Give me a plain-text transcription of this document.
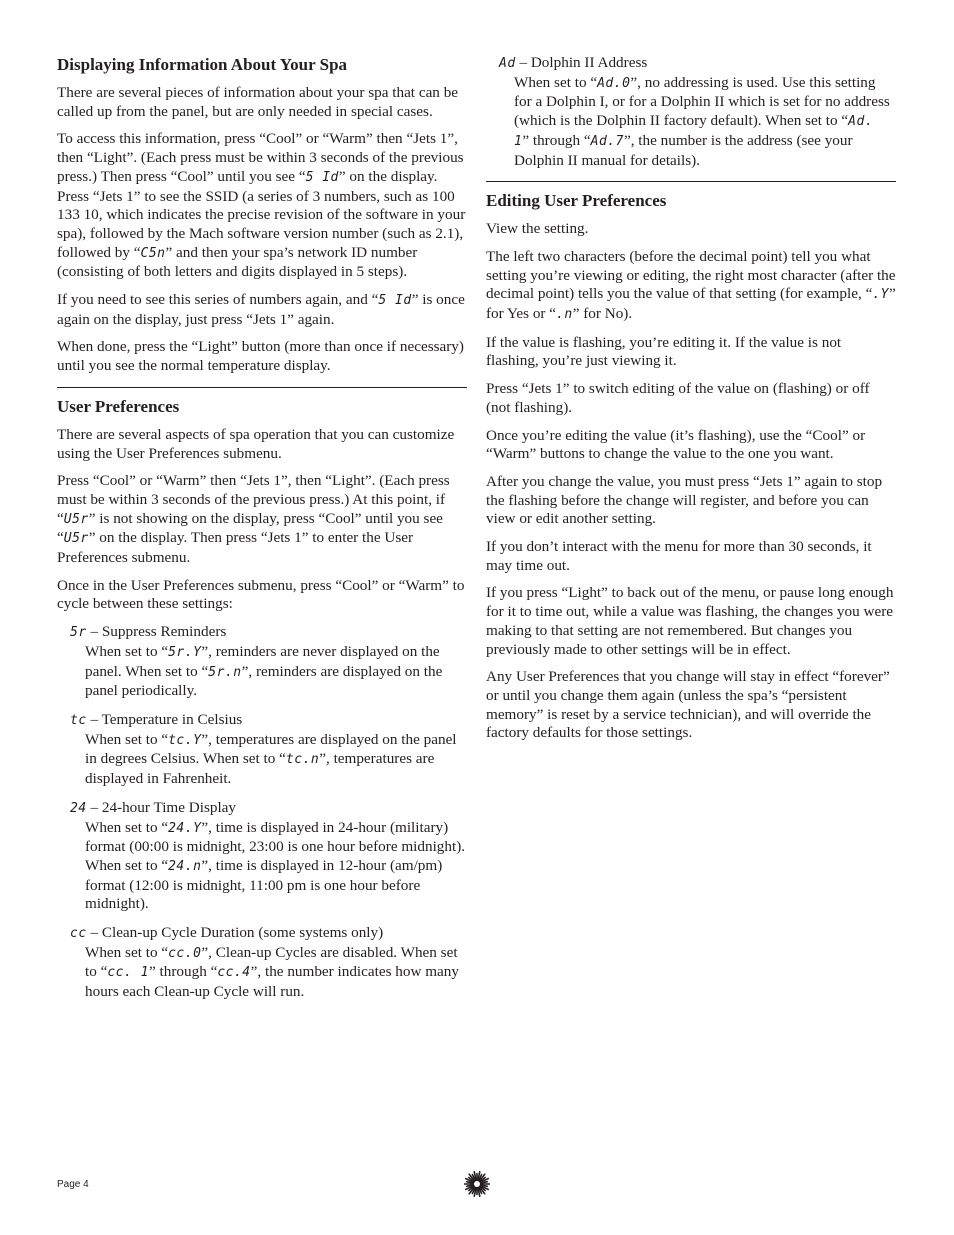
Displaying Information About Your Spa

There are several pieces of information about your spa that can be called up from the panel, but are only needed in special cases.

To access this information, press “Cool” or “Warm” then “Jets 1”, then “Light”. (Each press must be within 3 seconds of the previous press.) Then press “Cool” until you see “5 Id” on the display. Press “Jets 1” to see the SSID (a series of 3 numbers, such as 100 133 10, which indicates the precise revision of the software in your spa), followed by the Mach software version number (such as 2.1), followed by “C5n” and then your spa’s network ID number (consisting of both letters and digits displayed in 5 steps).

If you need to see this series of numbers again, and “5 Id” is once again on the display, just press “Jets 1” again.

When done, press the “Light” button (more than once if necessary) until you see the normal temperature display.

User Preferences

There are several aspects of spa operation that you can customize using the User Preferences submenu.

Press “Cool” or “Warm” then “Jets 1”, then “Light”. (Each press must be within 3 seconds of the previous press.) At this point, if “U5r” is not showing on the display, press “Cool” until you see “U5r” on the display. Then press “Jets 1” to enter the User Preferences submenu.

Once in the User Preferences submenu, press “Cool” or “Warm” to cycle between these settings:

5r – Suppress Reminders
When set to “5r.Y”, reminders are never displayed on the panel. When set to “5r.n”, reminders are displayed on the panel periodically.
tc – Temperature in Celsius
When set to “tc.Y”, temperatures are displayed on the panel in degrees Celsius. When set to “tc.n”, temperatures are displayed in Fahrenheit.
24 – 24-hour Time Display
When set to “24.Y”, time is displayed in 24-hour (military) format (00:00 is midnight, 23:00 is one hour before midnight). When set to “24.n”, time is displayed in 12-hour (am/pm) format (12:00 is midnight, 11:00 pm is one hour before midnight).
cc – Clean-up Cycle Duration (some systems only)
When set to “cc.0”, Clean-up Cycles are disabled. When set to “cc. 1” through “cc.4”, the number indicates how many hours each Clean-up Cycle will run.
Ad – Dolphin II Address
When set to “Ad.0”, no addressing is used. Use this setting for a Dolphin I, or for a Dolphin II which is set for no address (which is the Dolphin II factory default). When set to “Ad. 1” through “Ad.7”, the number is the address (see your Dolphin II manual for details).
Editing User Preferences

View the setting.

The left two characters (before the decimal point) tell you what setting you’re viewing or editing, the right most character (after the decimal point) tells you the value of that setting (for example, “.Y” for Yes or “.n” for No).

If the value is flashing, you’re editing it. If the value is not flashing, you’re just viewing it.

Press “Jets 1” to switch editing of the value on (flashing) or off (not flashing).

Once you’re editing the value (it’s flashing), use the “Cool” or “Warm” buttons to change the value to the one you want.

After you change the value, you must press “Jets 1” again to stop the flashing before the change will register, and before you can view or edit another setting.

If you don’t interact with the menu for more than 30 seconds, it may time out.

If you press “Light” to back out of the menu, or pause long enough for it to time out, while a value was flashing, the changes you were making to that setting are not remembered. But changes you previously made to other settings will be in effect.

Any User Preferences that you change will stay in effect “forever” or until you change them again (unless the spa’s “persistent memory” is reset by a service technician), and will override the factory defaults for those settings.

Page 4
